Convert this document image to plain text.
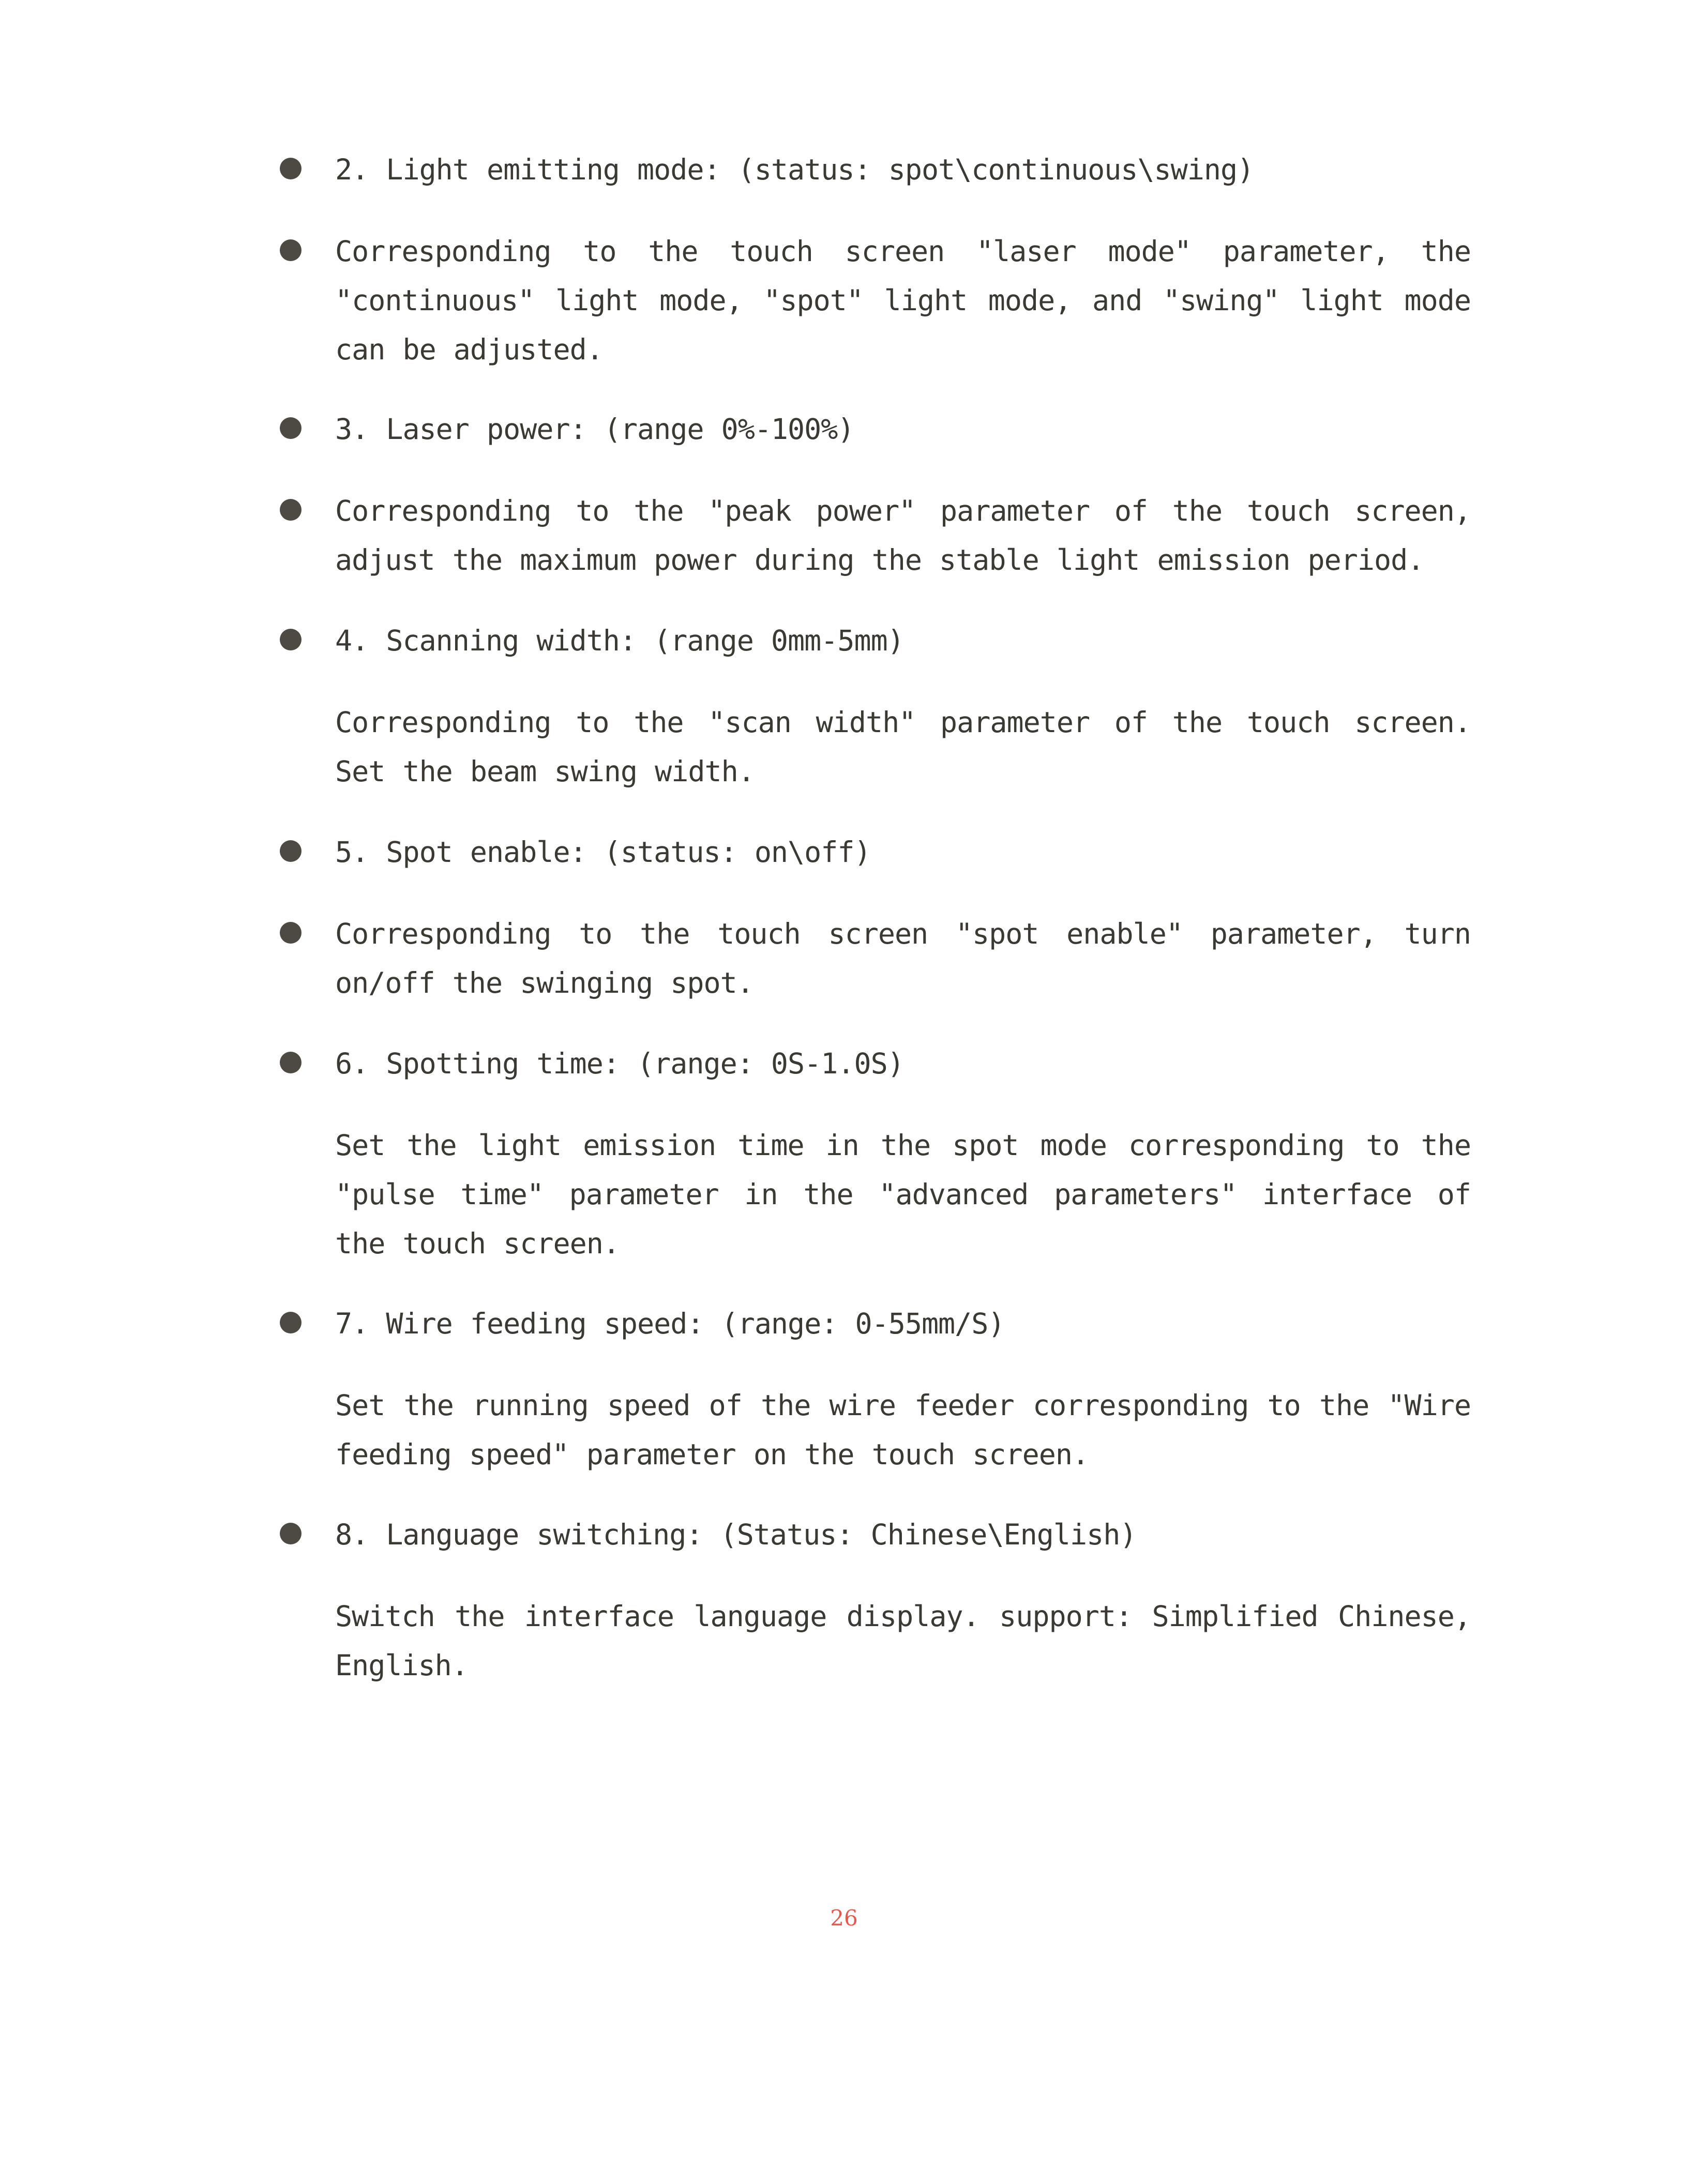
2. Light emitting mode: (status: spot\continuous\swing)

Corresponding to the touch screen "laser mode" parameter, the "continuous" light mode, "spot" light mode, and "swing" light mode can be adjusted.

3. Laser power: (range 0%-100%)

Corresponding to the "peak power" parameter of the touch screen, adjust the maximum power during the stable light emission period.

4. Scanning width: (range 0mm-5mm)

Corresponding to the "scan width" parameter of the touch screen. Set the beam swing width.

5. Spot enable: (status: on\off)

Corresponding to the touch screen "spot enable" parameter, turn on/off the swinging spot.

6. Spotting time: (range: 0S-1.0S)

Set the light emission time in the spot mode corresponding to the "pulse time" parameter in the "advanced parameters" interface of the touch screen.

7. Wire feeding speed: (range: 0-55mm/S)

Set the running speed of the wire feeder corresponding to the "Wire feeding speed" parameter on the touch screen.

8. Language switching: (Status: Chinese\English)

Switch the interface language display. support: Simplified Chinese, English.

26
